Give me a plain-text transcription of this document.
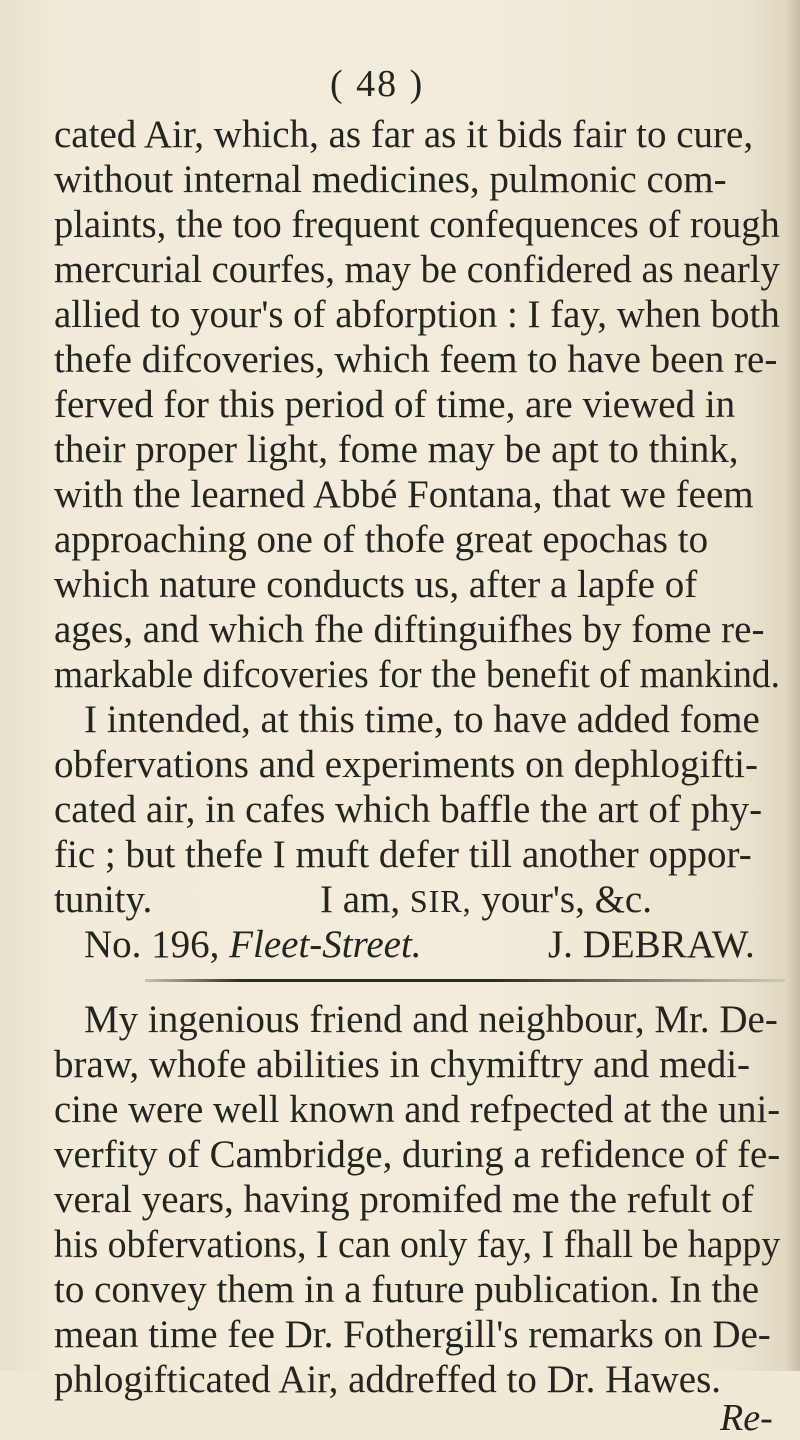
( 48 )
cated Air, which, as far as it bids fair to cure,
without internal medicines, pulmonic com-
plaints, the too frequent confequences of rough
mercurial courfes, may be confidered as nearly
allied to your's of abforption : I fay, when both
thefe difcoveries, which feem to have been re-
ferved for this period of time, are viewed in
their proper light, fome may be apt to think,
with the learned Abbé Fontana, that we feem
approaching one of thofe great epochas to
which nature conducts us, after a lapfe of
ages, and which fhe diftinguifhes by fome re-
markable difcoveries for the benefit of mankind.
I intended, at this time, to have added fome
obfervations and experiments on dephlogifti-
cated air, in cafes which baffle the art of phy-
fic ; but thefe I muft defer till another oppor-
tunity.	I am, SIR, your's, &c.
No. 196, Fleet-Street.	J. DEBRAW.
My ingenious friend and neighbour, Mr. De-
braw, whofe abilities in chymiftry and medi-
cine were well known and refpected at the uni-
verfity of Cambridge, during a refidence of fe-
veral years, having promifed me the refult of
his obfervations, I can only fay, I fhall be happy
to convey them in a future publication. In the
mean time fee Dr. Fothergill's remarks on De-
phlogifticated Air, addreffed to Dr. Hawes.
Re-
